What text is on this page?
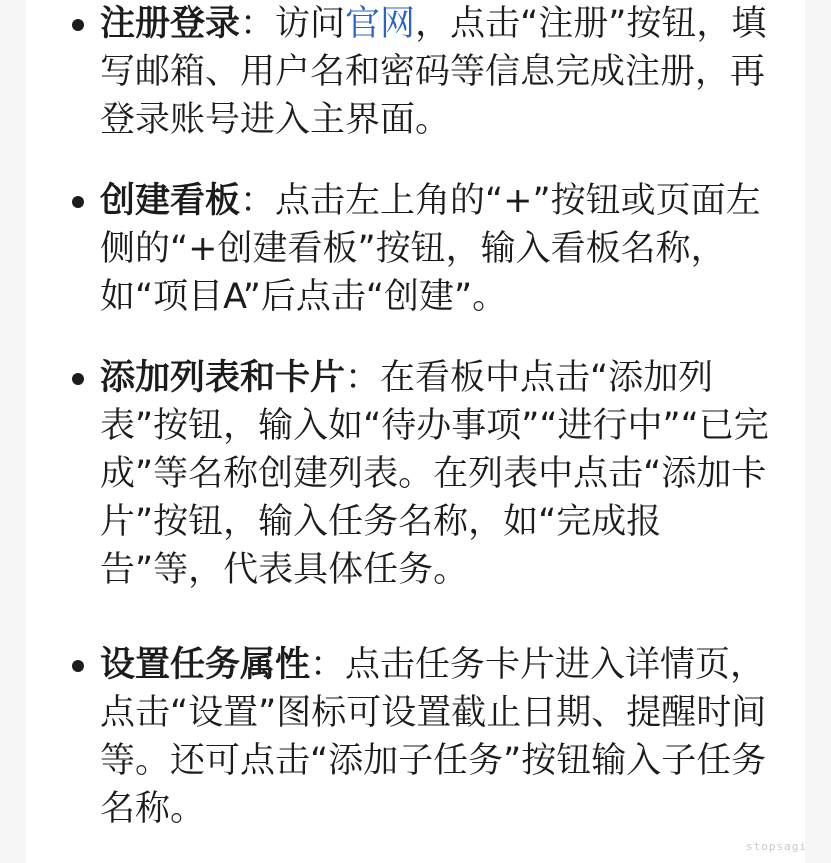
注册登录：访问官网，点击“注册”按钮，填写邮箱、用户名和密码等信息完成注册，再登录账号进入主界面。
创建看板：点击左上角的“+”按钮或页面左侧的“+创建看板”按钮，输入看板名称，如“项目A”后点击“创建”。
添加列表和卡片：在看板中点击“添加列表”按钮，输入如“待办事项”“进行中”“已完成”等名称创建列表。在列表中点击“添加卡片”按钮，输入任务名称，如“完成报告”等，代表具体任务。
设置任务属性：点击任务卡片进入详情页，点击“设置”图标可设置截止日期、提醒时间等。还可点击“添加子任务”按钮输入子任务名称。
stopsagi
